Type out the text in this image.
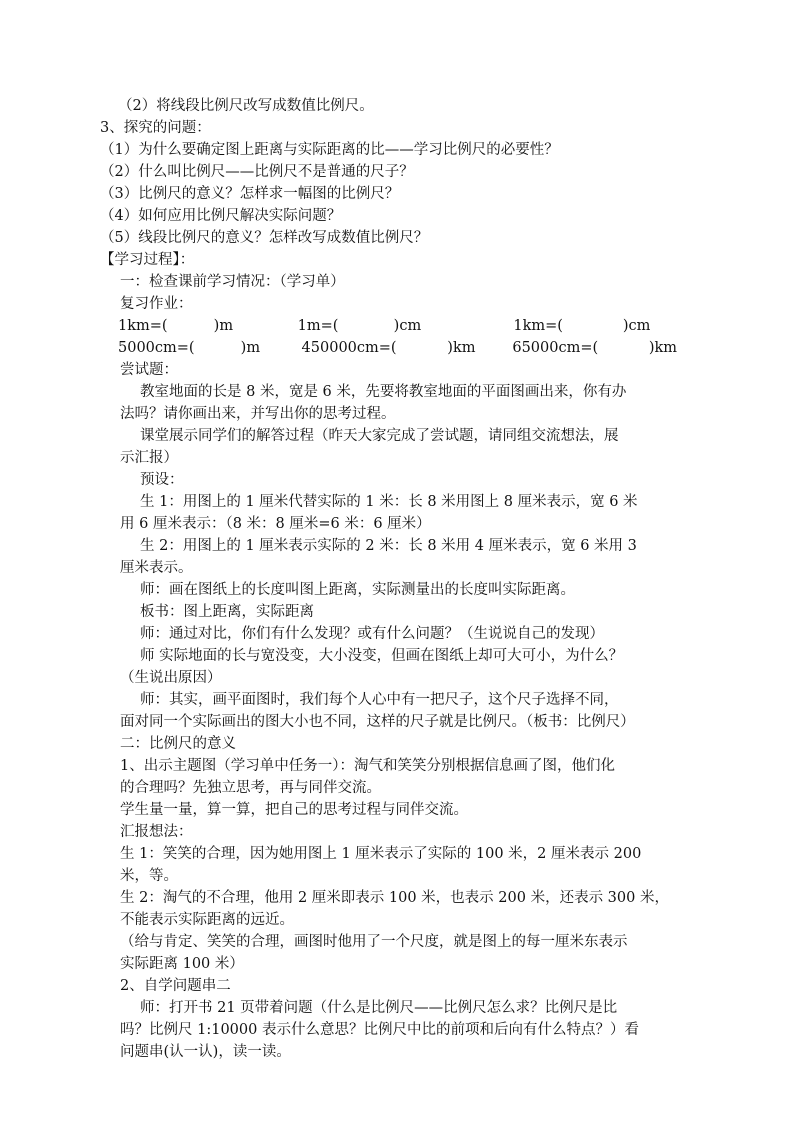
（2）将线段比例尺改写成数值比例尺。
3、探究的问题：
（1）为什么要确定图上距离与实际距离的比——学习比例尺的必要性？
（2）什么叫比例尺——比例尺不是普通的尺子？
（3）比例尺的意义？怎样求一幅图的比例尺？
（4）如何应用比例尺解决实际问题？
（5）线段比例尺的意义？怎样改写成数值比例尺？
【学习过程】：
一：检查课前学习情况：（学习单）
复习作业：
1km=(          )m              1m=(            )cm                    1km=(             )cm
5000cm=(          )m         450000cm=(           )km        65000cm=(           )km
尝试题：
教室地面的长是 8 米，宽是 6 米，先要将教室地面的平面图画出来，你有办
法吗？请你画出来，并写出你的思考过程。
课堂展示同学们的解答过程（昨天大家完成了尝试题，请同组交流想法，展
示汇报）
预设：
生 1：用图上的 1 厘米代替实际的 1 米：长 8 米用图上 8 厘米表示，宽 6 米
用 6 厘米表示：（8 米：8 厘米=6 米：6 厘米）
生 2：用图上的 1 厘米表示实际的 2 米：长 8 米用 4 厘米表示，宽 6 米用 3
厘米表示。
师：画在图纸上的长度叫图上距离，实际测量出的长度叫实际距离。
板书：图上距离，实际距离
师：通过对比，你们有什么发现？或有什么问题？（生说说自己的发现）
师 实际地面的长与宽没变，大小没变，但画在图纸上却可大可小，为什么？
（生说出原因）
师：其实，画平面图时，我们每个人心中有一把尺子，这个尺子选择不同，
面对同一个实际画出的图大小也不同，这样的尺子就是比例尺。（板书：比例尺）
二：比例尺的意义
1、出示主题图（学习单中任务一）：淘气和笑笑分别根据信息画了图，他们化
的合理吗？先独立思考，再与同伴交流。
学生量一量，算一算，把自己的思考过程与同伴交流。
汇报想法：
生 1：笑笑的合理，因为她用图上 1 厘米表示了实际的 100 米，2 厘米表示 200
米，等。
生 2：淘气的不合理，他用 2 厘米即表示 100 米，也表示 200 米，还表示 300 米，
不能表示实际距离的远近。
（给与肯定、笑笑的合理，画图时他用了一个尺度，就是图上的每一厘米东表示
实际距离 100 米）
2、自学问题串二
师：打开书 21 页带着问题（什么是比例尺——比例尺怎么求？比例尺是比
吗？比例尺 1:10000 表示什么意思？比例尺中比的前项和后向有什么特点？）看
问题串(认一认)，读一读。
